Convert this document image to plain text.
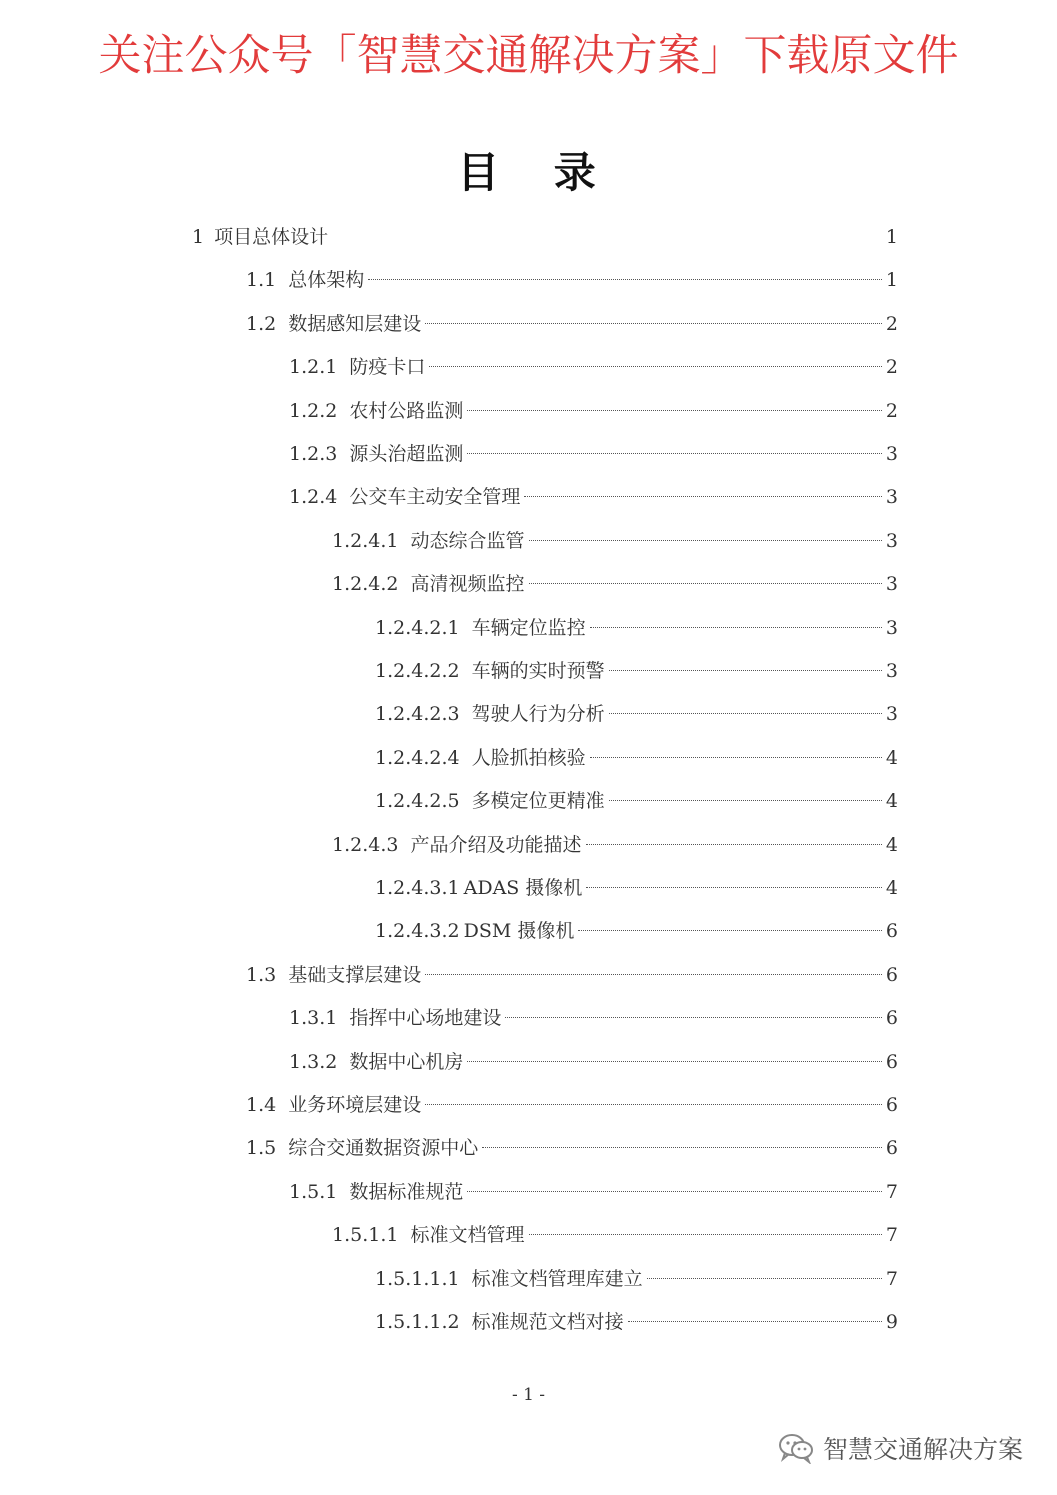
关注公众号「智慧交通解决方案」下载原文件
目 录
1 项目总体设计	1
1.1 总体架构	1
1.2 数据感知层建设	2
1.2.1 防疫卡口	2
1.2.2 农村公路监测	2
1.2.3 源头治超监测	3
1.2.4 公交车主动安全管理	3
1.2.4.1 动态综合监管	3
1.2.4.2 高清视频监控	3
1.2.4.2.1 车辆定位监控	3
1.2.4.2.2 车辆的实时预警	3
1.2.4.2.3 驾驶人行为分析	3
1.2.4.2.4 人脸抓拍核验	4
1.2.4.2.5 多模定位更精准	4
1.2.4.3 产品介绍及功能描述	4
1.2.4.3.1 ADAS 摄像机	4
1.2.4.3.2 DSM 摄像机	6
1.3 基础支撑层建设	6
1.3.1 指挥中心场地建设	6
1.3.2 数据中心机房	6
1.4 业务环境层建设	6
1.5 综合交通数据资源中心	6
1.5.1 数据标准规范	7
1.5.1.1 标准文档管理	7
1.5.1.1.1 标准文档管理库建立	7
1.5.1.1.2 标准规范文档对接	9
- 1 -
智慧交通解决方案
